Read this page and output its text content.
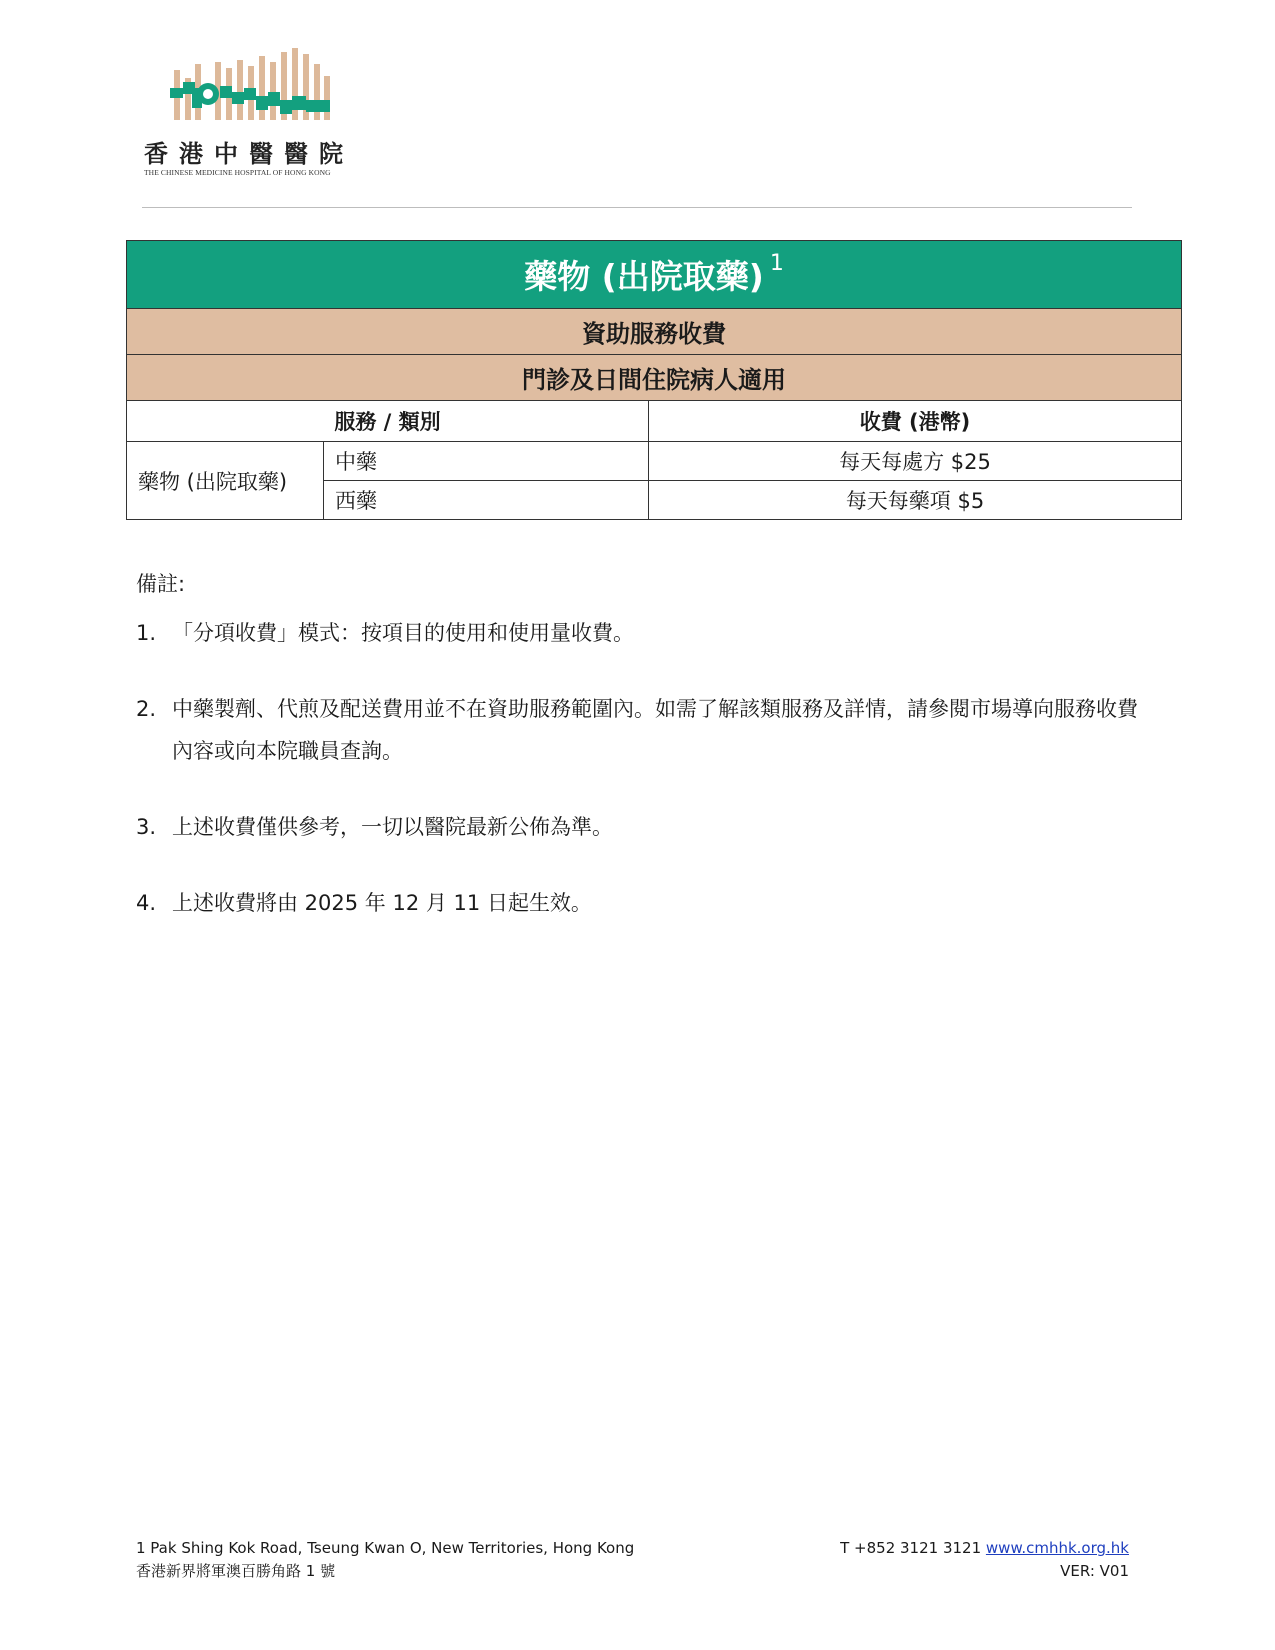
香港中醫醫院
THE CHINESE MEDICINE HOSPITAL OF HONG KONG
藥物 (出院取藥) $^1$
資助服務收費		
門診及日間住院病人適用		
服務 / 類別		收費 (港幣)
藥物 (出院取藥)	中藥	每天每處方 $25
	西藥	每天每藥項 $5
備註:
1. 「分項收費」模式：按項目的使用和使用量收費。
2. 中藥製劑、代煎及配送費用並不在資助服務範圍內。如需了解該類服務及詳情，請參閱市場導向服務收費內容或向本院職員查詢。
3. 上述收費僅供參考，一切以醫院最新公佈為準。
4. 上述收費將由 2025 年 12 月 11 日起生效。
1 Pak Shing Kok Road, Tseung Kwan O, New Territories, Hong Kong
香港新界將軍澳百勝角路 1 號
T +852 3121 3121 www.cmhhk.org.hk
VER: V01
